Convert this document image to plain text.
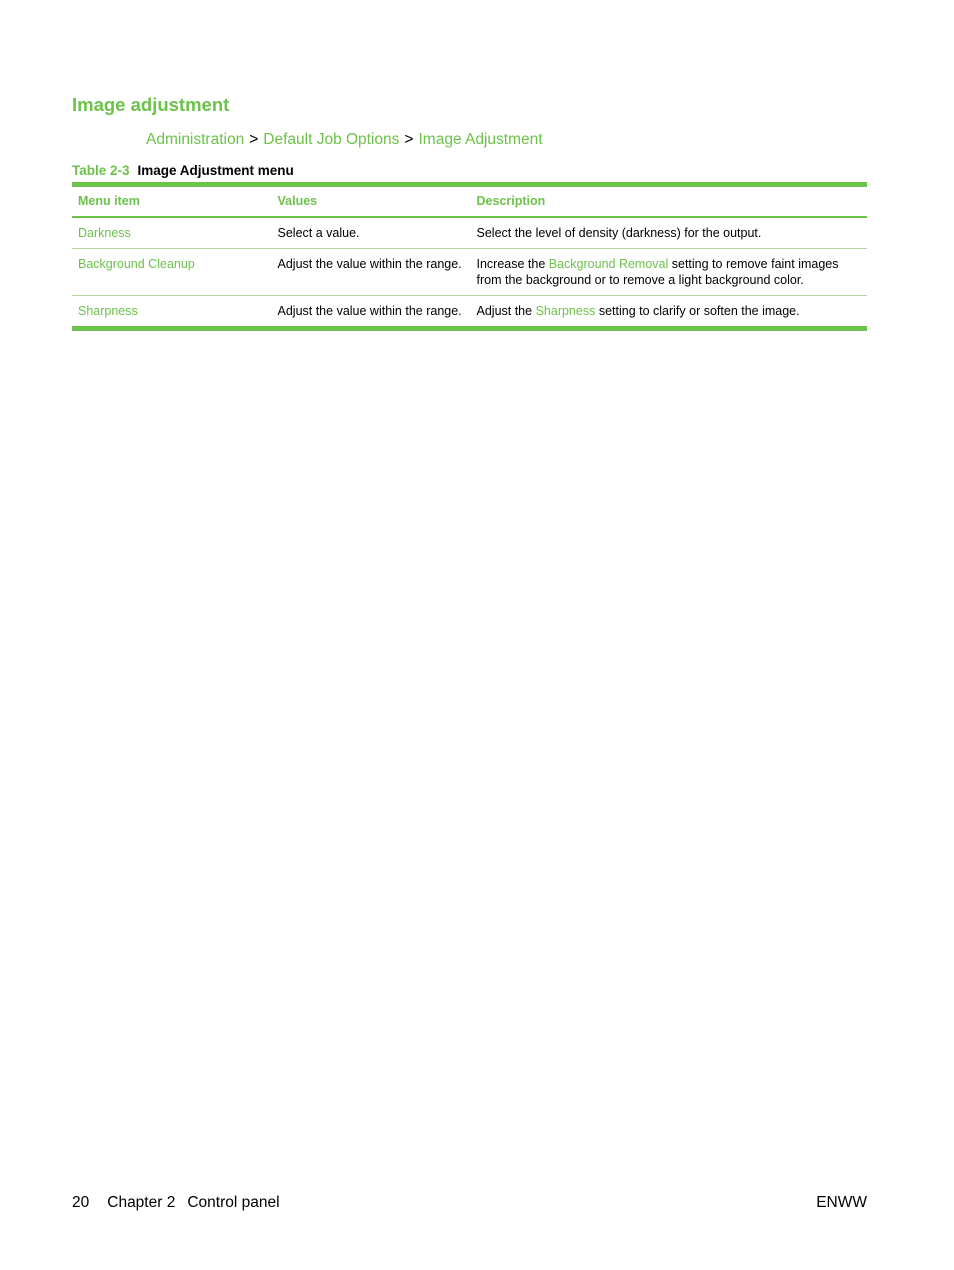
Image adjustment
Administration > Default Job Options > Image Adjustment
Table 2-3 Image Adjustment menu
Menu item	Values	Description
Darkness	Select a value.	Select the level of density (darkness) for the output.
Background Cleanup	Adjust the value within the range.	Increase the Background Removal setting to remove faint images from the background or to remove a light background color.
Sharpness	Adjust the value within the range.	Adjust the Sharpness setting to clarify or soften the image.
20 Chapter 2 Control panel	ENWW
